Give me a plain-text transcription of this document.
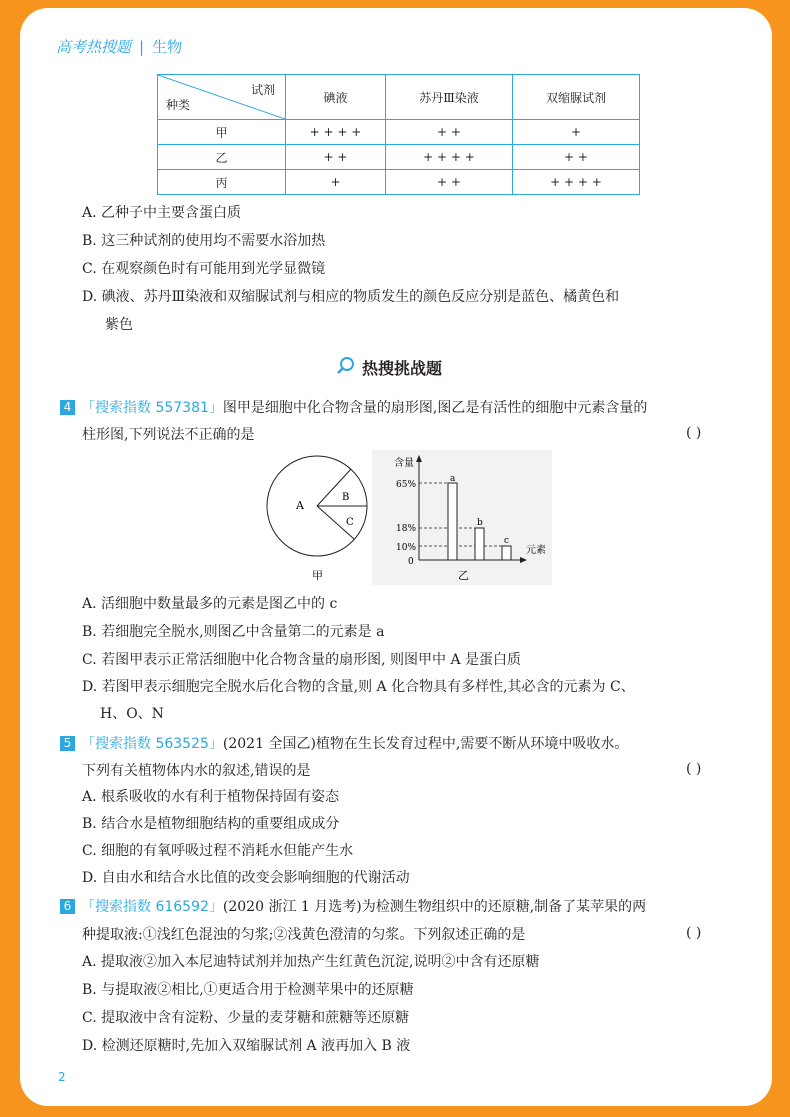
高考热搜题 | 生物
试剂
种类	碘液	苏丹Ⅲ染液	双缩脲试剂
甲	+ + + +	+ +	+
乙	+ +	+ + + +	+ +
丙	+	+ +	+ + + +
A. 乙种子中主要含蛋白质
B. 这三种试剂的使用均不需要水浴加热
C. 在观察颜色时有可能用到光学显微镜
D. 碘液、苏丹Ⅲ染液和双缩脲试剂与相应的物质发生的颜色反应分别是蓝色、橘黄色和
紫色
热搜挑战题
4 「搜索指数 557381」图甲是细胞中化合物含量的扇形图,图乙是有活性的细胞中元素含量的
柱形图,下列说法不正确的是	( )
A
B
C
甲
含量
元素
65%
18%
10%
0
a
b
c
乙
A. 活细胞中数量最多的元素是图乙中的 c
B. 若细胞完全脱水,则图乙中含量第二的元素是 a
C. 若图甲表示正常活细胞中化合物含量的扇形图, 则图甲中 A 是蛋白质
D. 若图甲表示细胞完全脱水后化合物的含量,则 A 化合物具有多样性,其必含的元素为 C、
H、O、N
5 「搜索指数 563525」(2021 全国乙)植物在生长发育过程中,需要不断从环境中吸收水。
下列有关植物体内水的叙述,错误的是	( )
A. 根系吸收的水有利于植物保持固有姿态
B. 结合水是植物细胞结构的重要组成成分
C. 细胞的有氧呼吸过程不消耗水但能产生水
D. 自由水和结合水比值的改变会影响细胞的代谢活动
6 「搜索指数 616592」(2020 浙江 1 月选考)为检测生物组织中的还原糖,制备了某苹果的两
种提取液:①浅红色混浊的匀浆;②浅黄色澄清的匀浆。下列叙述正确的是	( )
A. 提取液②加入本尼迪特试剂并加热产生红黄色沉淀,说明②中含有还原糖
B. 与提取液②相比,①更适合用于检测苹果中的还原糖
C. 提取液中含有淀粉、少量的麦芽糖和蔗糖等还原糖
D. 检测还原糖时,先加入双缩脲试剂 A 液再加入 B 液
2
